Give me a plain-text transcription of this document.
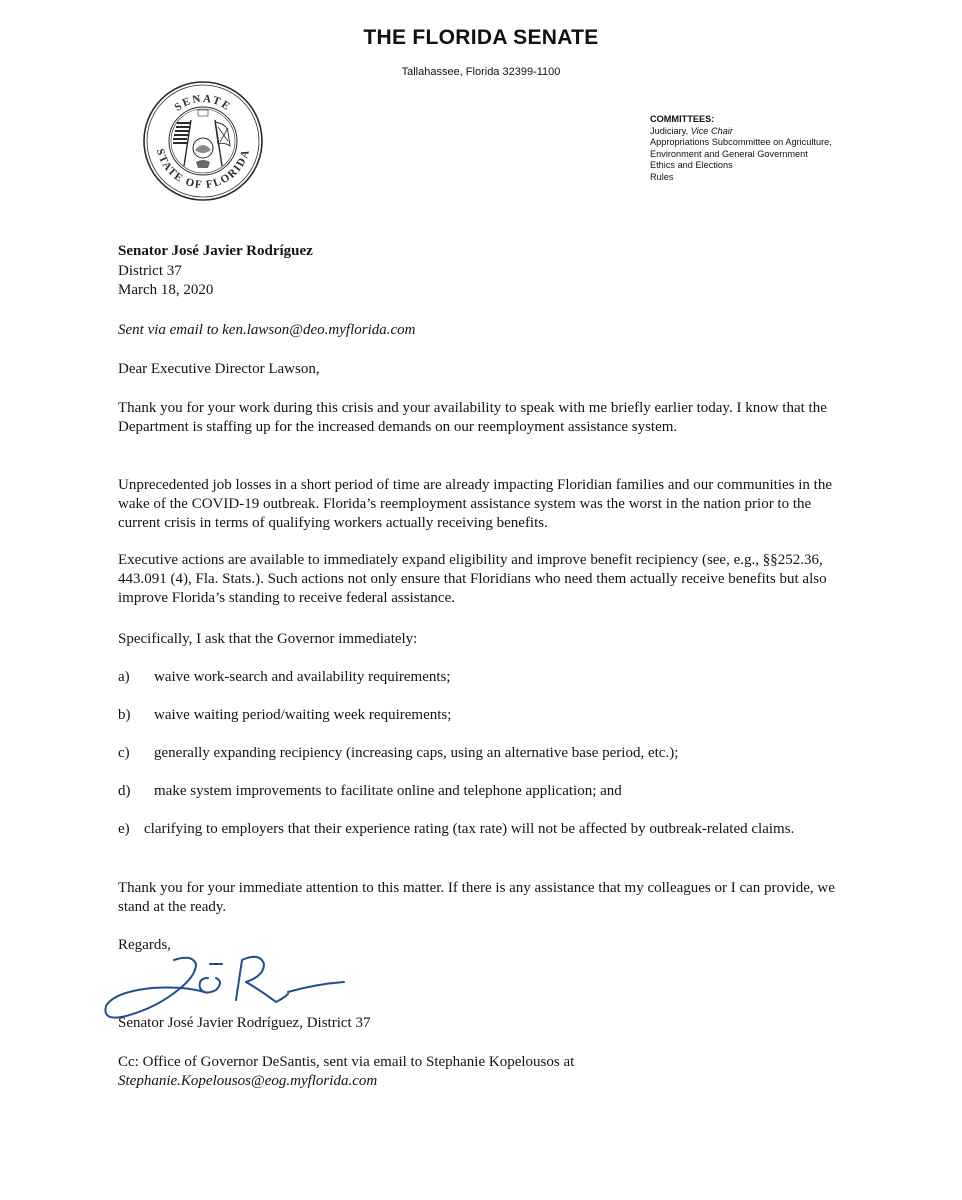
THE FLORIDA SENATE
Tallahassee, Florida 32399-1100
SENATE
STATE OF FLORIDA
COMMITTEES:
Judiciary, Vice Chair
Appropriations Subcommittee on Agriculture,
Environment and General Government
Ethics and Elections
Rules
Senator José Javier Rodríguez
District 37
March 18, 2020
Sent via email to ken.lawson@deo.myflorida.com
Dear Executive Director Lawson,
Thank you for your work during this crisis and your availability to speak with me briefly earlier today. I know that the Department is staffing up for the increased demands on our reemployment assistance system.
Unprecedented job losses in a short period of time are already impacting Floridian families and our communities in the wake of the COVID-19 outbreak. Florida’s reemployment assistance system was the worst in the nation prior to the current crisis in terms of qualifying workers actually receiving benefits.
Executive actions are available to immediately expand eligibility and improve benefit recipiency (see, e.g., §§252.36, 443.091 (4), Fla. Stats.). Such actions not only ensure that Floridians who need them actually receive benefits but also improve Florida’s standing to receive federal assistance.
Specifically, I ask that the Governor immediately:
a) waive work-search and availability requirements;
b) waive waiting period/waiting week requirements;
c) generally expanding recipiency (increasing caps, using an alternative base period, etc.);
d) make system improvements to facilitate online and telephone application; and
e) clarifying to employers that their experience rating (tax rate) will not be affected by outbreak-related claims.
Thank you for your immediate attention to this matter. If there is any assistance that my colleagues or I can provide, we stand at the ready.
Regards,
Senator José Javier Rodríguez, District 37
Cc: Office of Governor DeSantis, sent via email to Stephanie Kopelousos at
Stephanie.Kopelousos@eog.myflorida.com
